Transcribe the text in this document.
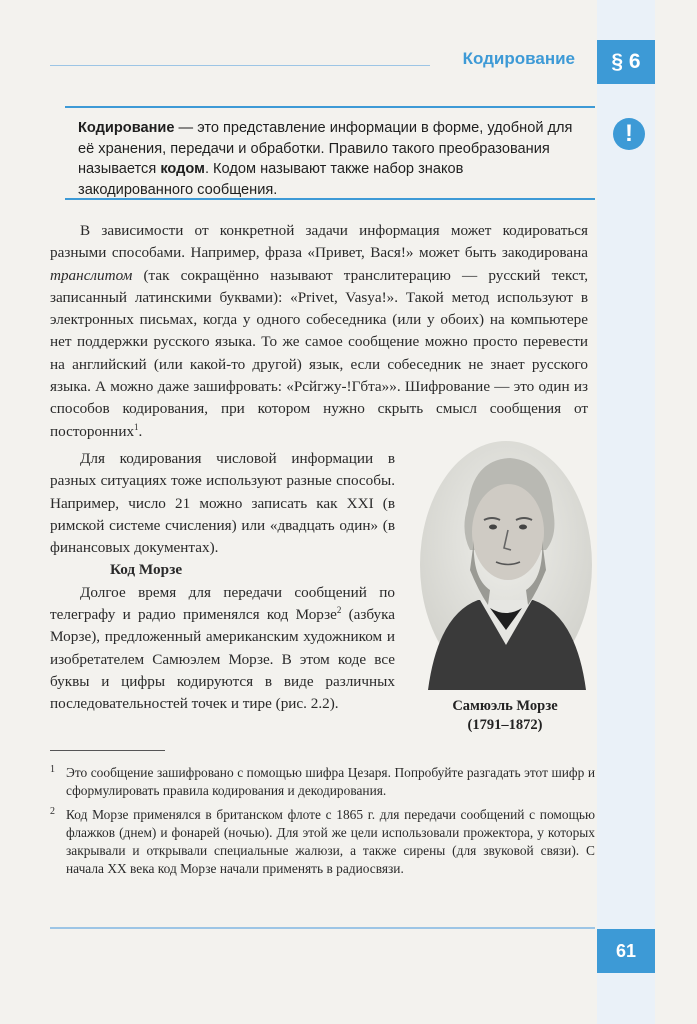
§ 6
Кодирование
!
Кодирование — это представление информации в форме, удобной для её хранения, передачи и обработки. Правило такого преобразования называется кодом. Кодом называют также набор знаков закодированного сообщения.

В зависимости от конкретной задачи информация может кодироваться разными способами. Например, фраза «Привет, Вася!» может быть закодирована транслитом (так сокращённо называют транслитерацию — русский текст, записанный латинскими буквами): «Privet, Vasya!». Такой метод используют в электронных письмах, когда у одного собеседника (или у обоих) на компьютере нет поддержки русского языка. То же самое сообщение можно просто перевести на английский (или какой-то другой) язык, если собеседник не знает русского языка. А можно даже зашифровать: «Рсйгжу-!Гбта»». Шифрование — это один из способов кодирования, при котором нужно скрыть смысл сообщения от посторонних$^1$.

Для кодирования числовой информации в разных ситуациях тоже используют разные способы. Например, число 21 можно записать как XXI (в римской системе счисления) или «двадцать один» (в финансовых документах).

Код Морзе

Долгое время для передачи сообщений по телеграфу и радио применялся код Морзе$^2$ (азбука Морзе), предложенный американским художником и изобретателем Самюэлем Морзе. В этом коде все буквы и цифры кодируются в виде различных последовательностей точек и тире (рис. 2.2).	Самюэль Морзе
(1791–1872)
1 Это сообщение зашифровано с помощью шифра Цезаря. Попробуйте разгадать этот шифр и сформулировать правила кодирования и декодирования.
2 Код Морзе применялся в британском флоте с 1865 г. для передачи сообщений с помощью флажков (днем) и фонарей (ночью). Для этой же цели использовали прожектора, у которых закрывали и открывали специальные жалюзи, а также сирены (для звуковой связи). С начала XX века код Морзе начали применять в радиосвязи.
61
